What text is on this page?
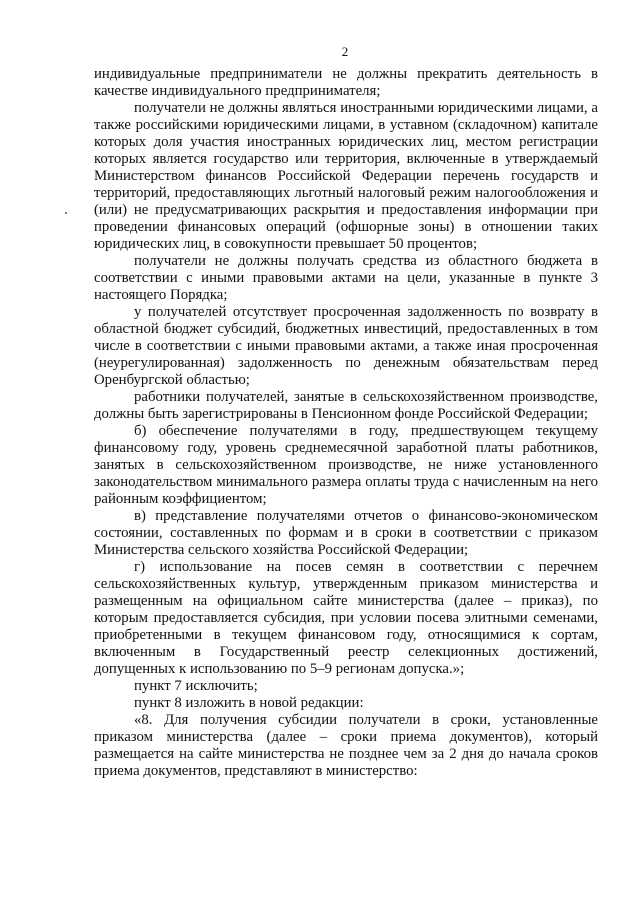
2

индивидуальные предприниматели не должны прекратить деятельность в качестве индивидуального предпринимателя;

получатели не должны являться иностранными юридическими лицами, а также российскими юридическими лицами, в уставном (складочном) капитале которых доля участия иностранных юридических лиц, местом регистрации которых является государство или территория, включенные в утверждаемый Министерством финансов Российской Федерации перечень государств и территорий, предоставляющих льготный налоговый режим налогообложения и (или) не предусматривающих раскрытия и предоставления информации при проведении финансовых операций (офшорные зоны) в отношении таких юридических лиц, в совокупности превышает 50 процентов;

получатели не должны получать средства из областного бюджета в соответствии с иными правовыми актами на цели, указанные в пункте 3 настоящего Порядка;

у получателей отсутствует просроченная задолженность по возврату в областной бюджет субсидий, бюджетных инвестиций, предоставленных в том числе в соответствии с иными правовыми актами, а также иная просроченная (неурегулированная) задолженность по денежным обязательствам перед Оренбургской областью;

работники получателей, занятые в сельскохозяйственном производстве, должны быть зарегистрированы в Пенсионном фонде Российской Федерации;

б) обеспечение получателями в году, предшествующем текущему финансовому году, уровень среднемесячной заработной платы работников, занятых в сельскохозяйственном производстве, не ниже установленного законодательством минимального размера оплаты труда с начисленным на него районным коэффициентом;

в) представление получателями отчетов о финансово-экономическом состоянии, составленных по формам и в сроки в соответствии с приказом Министерства сельского хозяйства Российской Федерации;

г) использование на посев семян в соответствии с перечнем сельскохозяйственных культур, утвержденным приказом министерства и размещенным на официальном сайте министерства (далее – приказ), по которым предоставляется субсидия, при условии посева элитными семенами, приобретенными в текущем финансовом году, относящимися к сортам, включенным в Государственный реестр селекционных достижений, допущенных к использованию по 5–9 регионам допуска.»;

пункт 7 исключить;

пункт 8 изложить в новой редакции:

«8. Для получения субсидии получатели в сроки, установленные приказом министерства (далее – сроки приема документов), который размещается на сайте министерства не позднее чем за 2 дня до начала сроков приема документов, представляют в министерство:
